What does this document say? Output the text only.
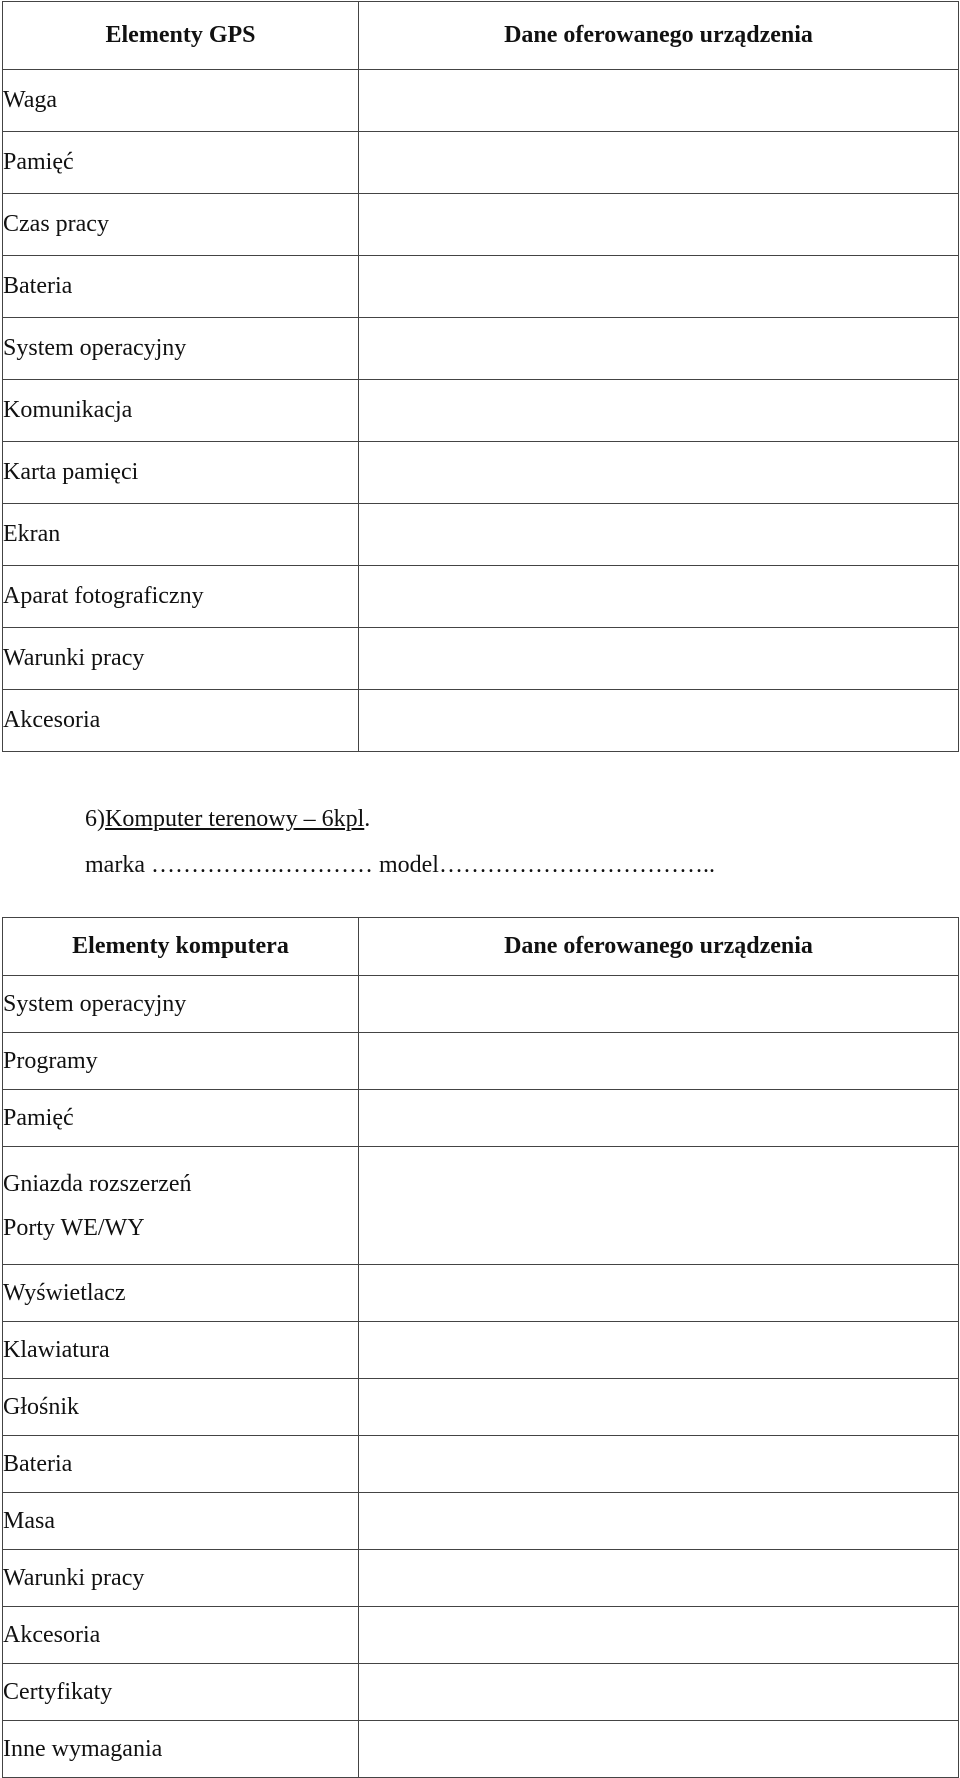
Elementy GPS	Dane oferowanego urządzenia
Waga	
Pamięć	
Czas pracy	
Bateria	
System operacyjny	
Komunikacja	
Karta pamięci	
Ekran	
Aparat fotograficzny	
Warunki pracy	
Akcesoria	
6)Komputer terenowy – 6kpl.
marka …………….………… model……………………………..
Elementy komputera	Dane oferowanego urządzenia
System operacyjny	
Programy	
Pamięć	

Gniazda rozszerzeń
Porty WE/WY	

Wyświetlacz	
Klawiatura	
Głośnik	
Bateria	
Masa	
Warunki pracy	
Akcesoria	
Certyfikaty	
Inne wymagania	
